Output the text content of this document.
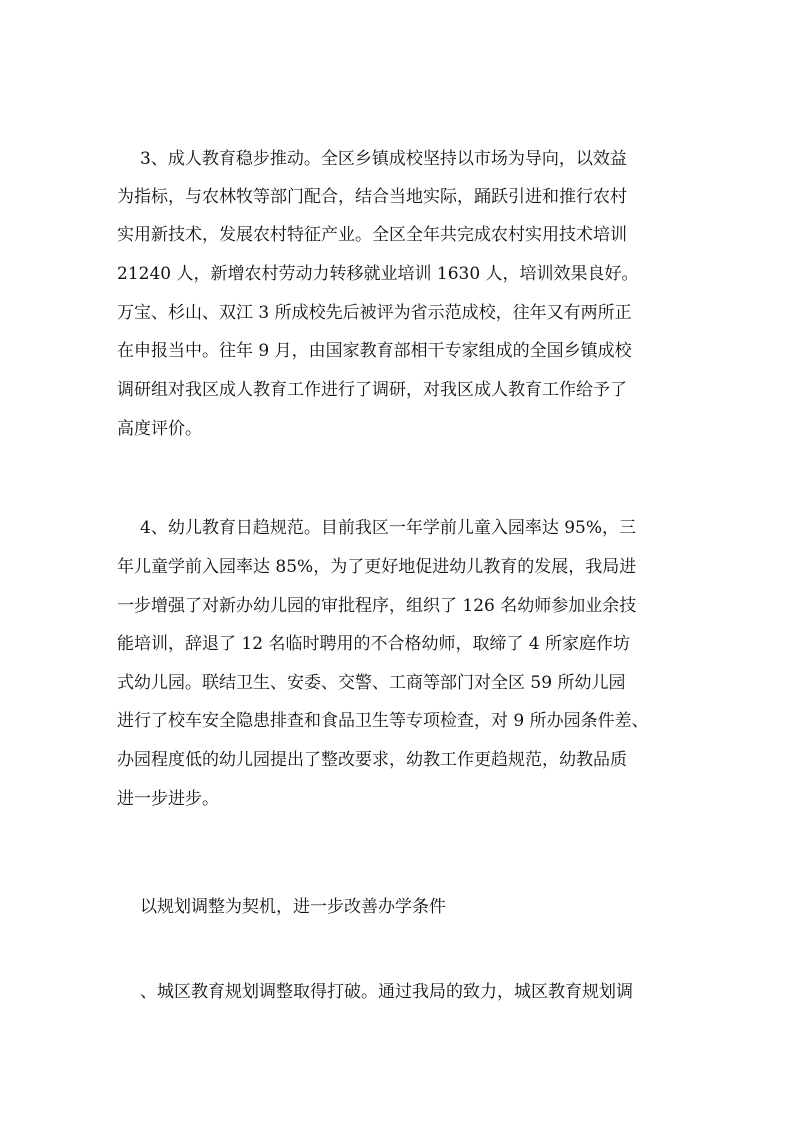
3、成人教育稳步推动。全区乡镇成校坚持以市场为导向，以效益
为指标，与农林牧等部门配合，结合当地实际，踊跃引进和推行农村
实用新技术，发展农村特征产业。全区全年共完成农村实用技术培训
21240 人，新增农村劳动力转移就业培训 1630 人，培训效果良好。
万宝、杉山、双江 3 所成校先后被评为省示范成校，往年又有两所正
在申报当中。往年 9 月，由国家教育部相干专家组成的全国乡镇成校
调研组对我区成人教育工作进行了调研，对我区成人教育工作给予了
高度评价。
4、幼儿教育日趋规范。目前我区一年学前儿童入园率达 95%，三
年儿童学前入园率达 85%，为了更好地促进幼儿教育的发展，我局进
一步增强了对新办幼儿园的审批程序，组织了 126 名幼师参加业余技
能培训，辞退了 12 名临时聘用的不合格幼师，取缔了 4 所家庭作坊
式幼儿园。联结卫生、安委、交警、工商等部门对全区 59 所幼儿园
进行了校车安全隐患排查和食品卫生等专项检查，对 9 所办园条件差、
办园程度低的幼儿园提出了整改要求，幼教工作更趋规范，幼教品质
进一步进步。
以规划调整为契机，进一步改善办学条件
、城区教育规划调整取得打破。通过我局的致力，城区教育规划调
